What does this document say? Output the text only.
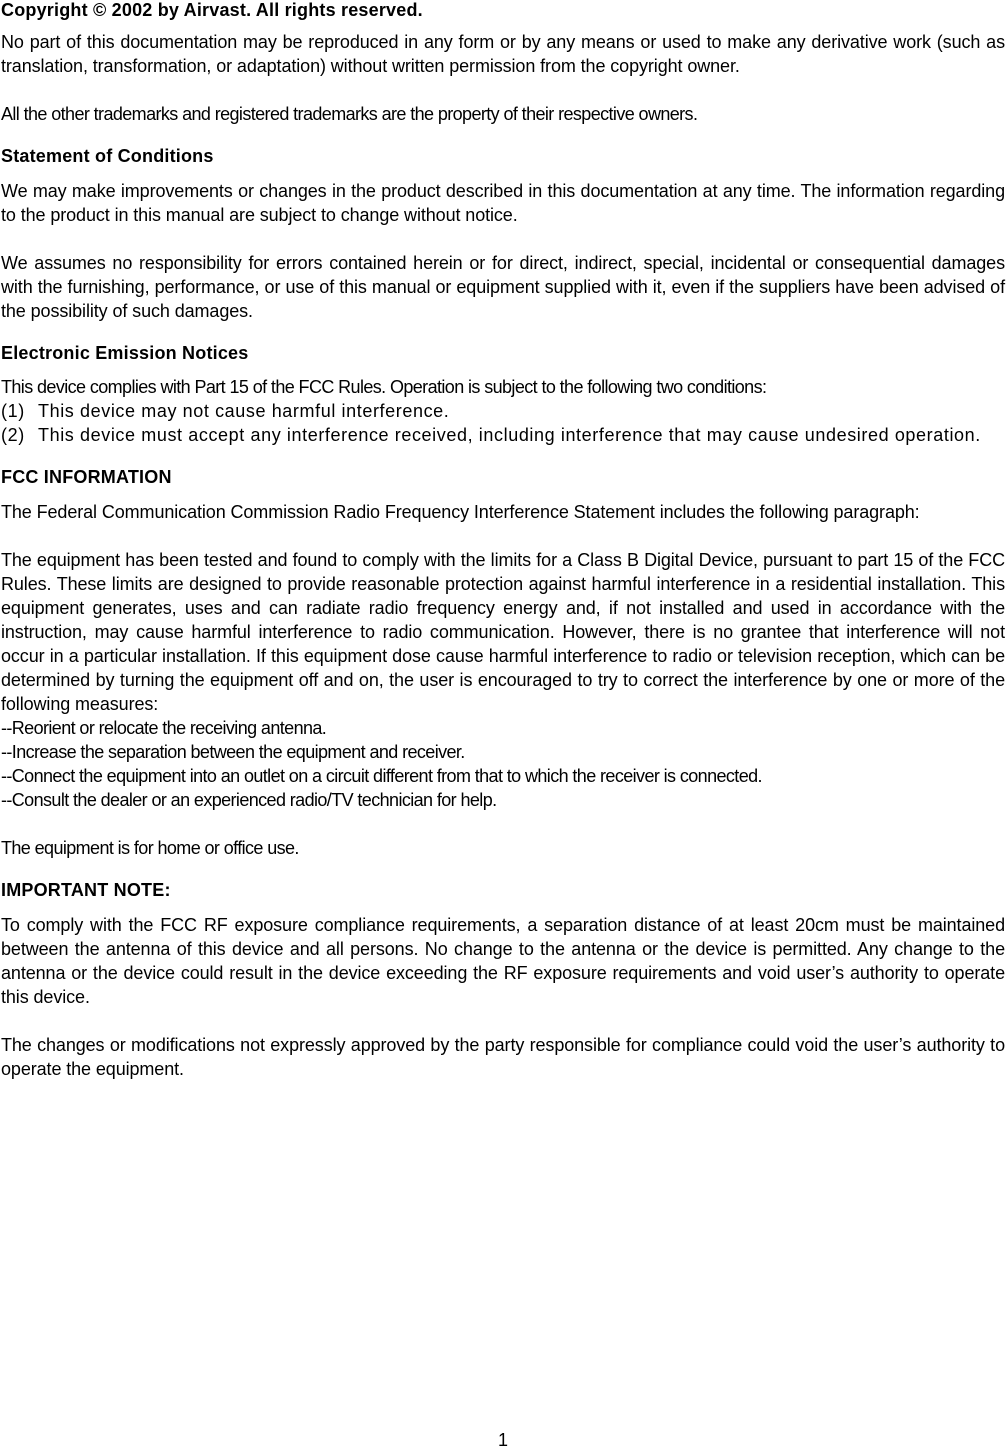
Copyright © 2002 by Airvast. All rights reserved.

No part of this documentation may be reproduced in any form or by any means or used to make any derivative work (such as translation, transformation, or adaptation) without written permission from the copyright owner.

All the other trademarks and registered trademarks are the property of their respective owners.

Statement of Conditions

We may make improvements or changes in the product described in this documentation at any time. The information regarding to the product in this manual are subject to change without notice.

We assumes no responsibility for errors contained herein or for direct, indirect, special, incidental or consequential damages with the furnishing, performance, or use of this manual or equipment supplied with it, even if the suppliers have been advised of the possibility of such damages.

Electronic Emission Notices

This device complies with Part 15 of the FCC Rules. Operation is subject to the following two conditions:

(1) This device may not cause harmful interference.
(2) This device must accept any interference received, including interference that may cause undesired operation.
FCC INFORMATION

The Federal Communication Commission Radio Frequency Interference Statement includes the following paragraph:

The equipment has been tested and found to comply with the limits for a Class B Digital Device, pursuant to part 15 of the FCC Rules. These limits are designed to provide reasonable protection against harmful interference in a residential installation. This equipment generates, uses and can radiate radio frequency energy and, if not installed and used in accordance with the instruction, may cause harmful interference to radio communication. However, there is no grantee that interference will not occur in a particular installation. If this equipment dose cause harmful interference to radio or television reception, which can be determined by turning the equipment off and on, the user is encouraged to try to correct the interference by one or more of the following measures:

--Reorient or relocate the receiving antenna.

--Increase the separation between the equipment and receiver.

--Connect the equipment into an outlet on a circuit different from that to which the receiver is connected.

--Consult the dealer or an experienced radio/TV technician for help.

The equipment is for home or office use.

IMPORTANT NOTE:

To comply with the FCC RF exposure compliance requirements, a separation distance of at least 20cm must be maintained between the antenna of this device and all persons. No change to the antenna or the device is permitted. Any change to the antenna or the device could result in the device exceeding the RF exposure requirements and void user’s authority to operate this device.

The changes or modifications not expressly approved by the party responsible for compliance could void the user’s authority to operate the equipment.

1
